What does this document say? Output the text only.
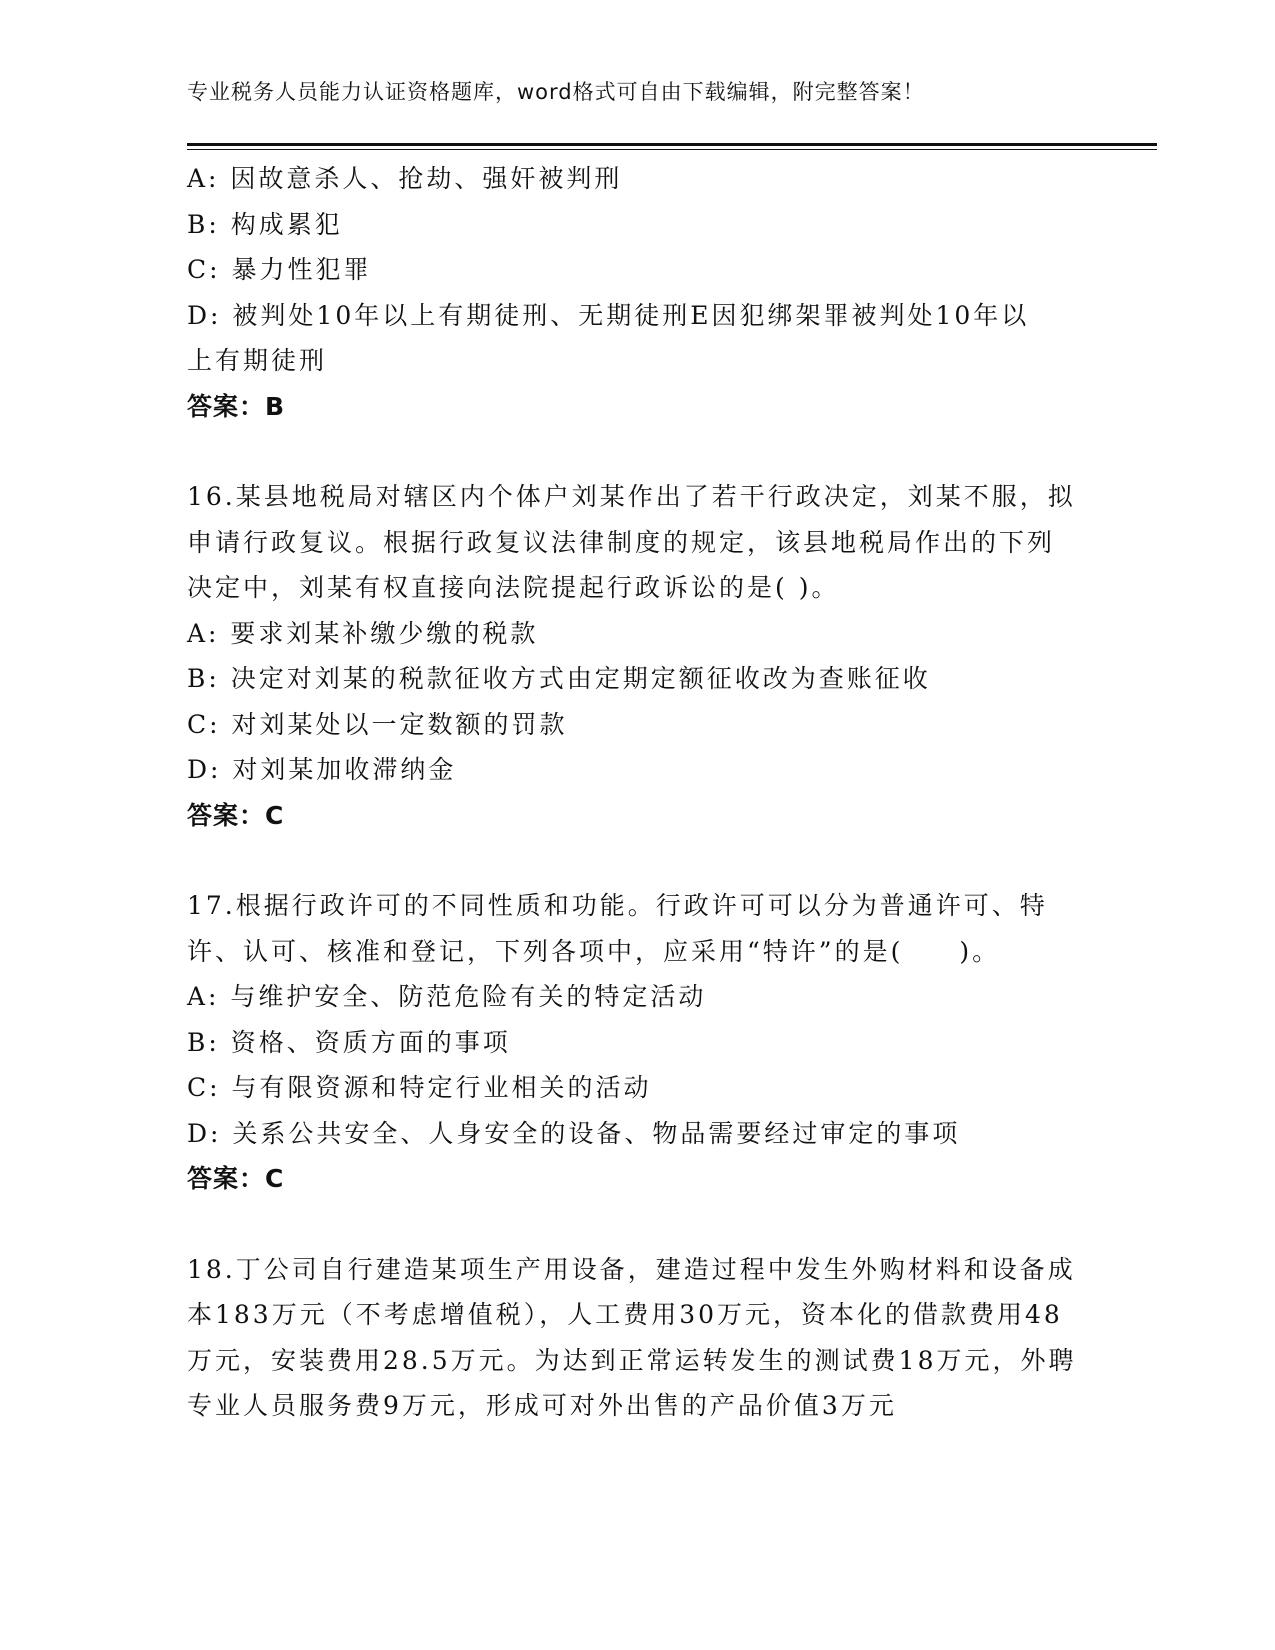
专业税务人员能力认证资格题库，word格式可自由下载编辑，附完整答案！
A: 因故意杀人、抢劫、强奸被判刑
B: 构成累犯
C: 暴力性犯罪
D: 被判处10年以上有期徒刑、无期徒刑E因犯绑架罪被判处10年以上有期徒刑
答案：B
16.某县地税局对辖区内个体户刘某作出了若干行政决定，刘某不服，拟申请行政复议。根据行政复议法律制度的规定，该县地税局作出的下列决定中，刘某有权直接向法院提起行政诉讼的是( )。
A: 要求刘某补缴少缴的税款
B: 决定对刘某的税款征收方式由定期定额征收改为查账征收
C: 对刘某处以一定数额的罚款
D: 对刘某加收滞纳金
答案：C
17.根据行政许可的不同性质和功能。行政许可可以分为普通许可、特许、认可、核准和登记，下列各项中，应采用“特许”的是(　　)。
A: 与维护安全、防范危险有关的特定活动
B: 资格、资质方面的事项
C: 与有限资源和特定行业相关的活动
D: 关系公共安全、人身安全的设备、物品需要经过审定的事项
答案：C
18.丁公司自行建造某项生产用设备，建造过程中发生外购材料和设备成本183万元（不考虑增值税），人工费用30万元，资本化的借款费用48万元，安装费用28.5万元。为达到正常运转发生的测试费18万元，外聘专业人员服务费9万元，形成可对外出售的产品价值3万元
